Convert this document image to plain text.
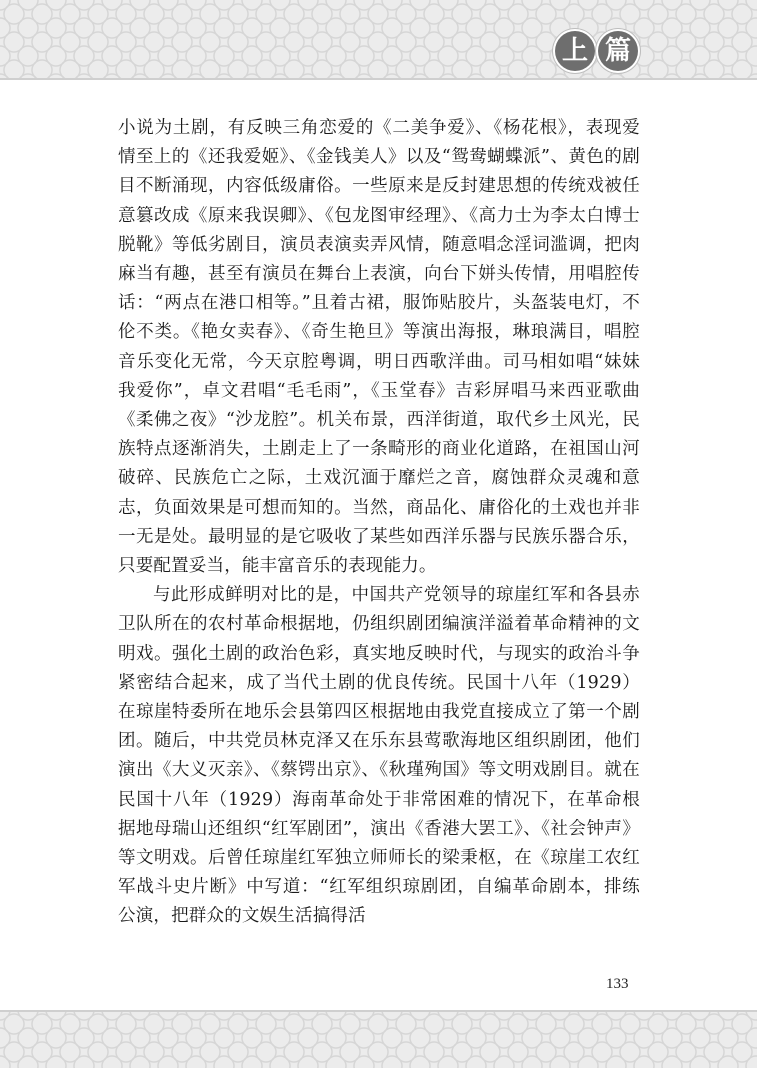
上 篇

小说为土剧，有反映三角恋爱的《二美争爱》、《杨花根》，表现爱情至上的《还我爱姬》、《金钱美人》以及“鸳鸯蝴蝶派”、黄色的剧目不断涌现，内容低级庸俗。一些原来是反封建思想的传统戏被任意篡改成《原来我误卿》、《包龙图审经理》、《高力士为李太白博士脱靴》等低劣剧目，演员表演卖弄风情，随意唱念淫词滥调，把肉麻当有趣，甚至有演员在舞台上表演，向台下姘头传情，用唱腔传话：“两点在港口相等。”且着古裙，服饰贴胶片，头盔装电灯，不伦不类。《艳女卖春》、《奇生艳旦》等演出海报，琳琅满目，唱腔音乐变化无常，今天京腔粤调，明日西歌洋曲。司马相如唱“妹妹我爱你”，卓文君唱“毛毛雨”，《玉堂春》吉彩屏唱马来西亚歌曲《柔佛之夜》“沙龙腔”。机关布景，西洋街道，取代乡土风光，民族特点逐渐消失，土剧走上了一条畸形的商业化道路，在祖国山河破碎、民族危亡之际，土戏沉湎于靡烂之音，腐蚀群众灵魂和意志，负面效果是可想而知的。当然，商品化、庸俗化的土戏也并非一无是处。最明显的是它吸收了某些如西洋乐器与民族乐器合乐，只要配置妥当，能丰富音乐的表现能力。

与此形成鲜明对比的是，中国共产党领导的琼崖红军和各县赤卫队所在的农村革命根据地，仍组织剧团编演洋溢着革命精神的文明戏。强化土剧的政治色彩，真实地反映时代，与现实的政治斗争紧密结合起来，成了当代土剧的优良传统。民国十八年（1929）在琼崖特委所在地乐会县第四区根据地由我党直接成立了第一个剧团。随后，中共党员林克泽又在乐东县莺歌海地区组织剧团，他们演出《大义灭亲》、《蔡锷出京》、《秋瑾殉国》等文明戏剧目。就在民国十八年（1929）海南革命处于非常困难的情况下，在革命根据地母瑞山还组织“红军剧团”，演出《香港大罢工》、《社会钟声》等文明戏。后曾任琼崖红军独立师师长的梁秉枢，在《琼崖工农红军战斗史片断》中写道：“红军组织琼剧团，自编革命剧本，排练公演，把群众的文娱生活搞得活

133
